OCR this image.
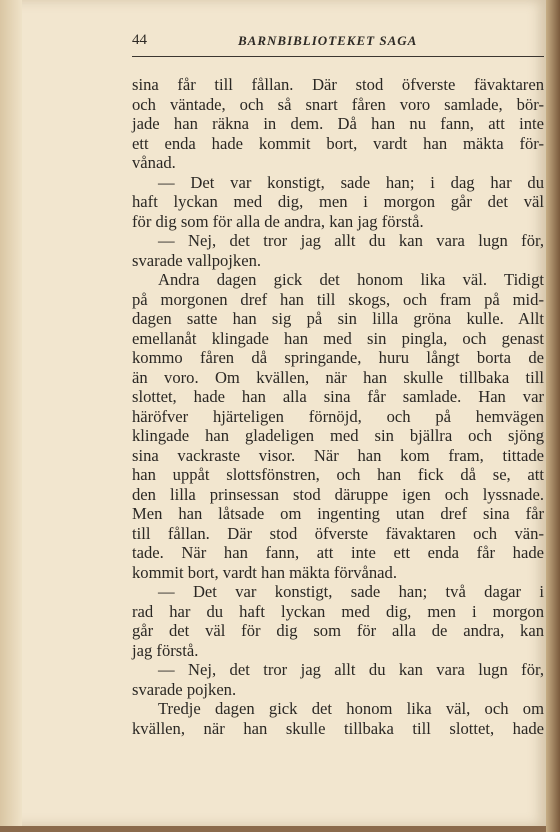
44	BARNBIBLIOTEKET SAGA
sina får till fållan. Där stod öfverste fävaktaren
och väntade, och så snart fåren voro samlade, bör-
jade han räkna in dem. Då han nu fann, att inte
ett enda hade kommit bort, vardt han mäkta för-
vånad.
— Det var konstigt, sade han; i dag har du
haft lyckan med dig, men i morgon går det väl
för dig som för alla de andra, kan jag förstå.
— Nej, det tror jag allt du kan vara lugn för,
svarade vallpojken.
Andra dagen gick det honom lika väl. Tidigt
på morgonen dref han till skogs, och fram på mid-
dagen satte han sig på sin lilla gröna kulle. Allt
emellanåt klingade han med sin pingla, och genast
kommo fåren då springande, huru långt borta de
än voro. Om kvällen, när han skulle tillbaka till
slottet, hade han alla sina får samlade. Han var
häröfver hjärteligen förnöjd, och på hemvägen
klingade han gladeligen med sin bjällra och sjöng
sina vackraste visor. När han kom fram, tittade
han uppåt slottsfönstren, och han fick då se, att
den lilla prinsessan stod däruppe igen och lyssnade.
Men han låtsade om ingenting utan dref sina får
till fållan. Där stod öfverste fävaktaren och vän-
tade. När han fann, att inte ett enda får hade
kommit bort, vardt han mäkta förvånad.
— Det var konstigt, sade han; två dagar i
rad har du haft lyckan med dig, men i morgon
går det väl för dig som för alla de andra, kan
jag förstå.
— Nej, det tror jag allt du kan vara lugn för,
svarade pojken.
Tredje dagen gick det honom lika väl, och om
kvällen, när han skulle tillbaka till slottet, hade
